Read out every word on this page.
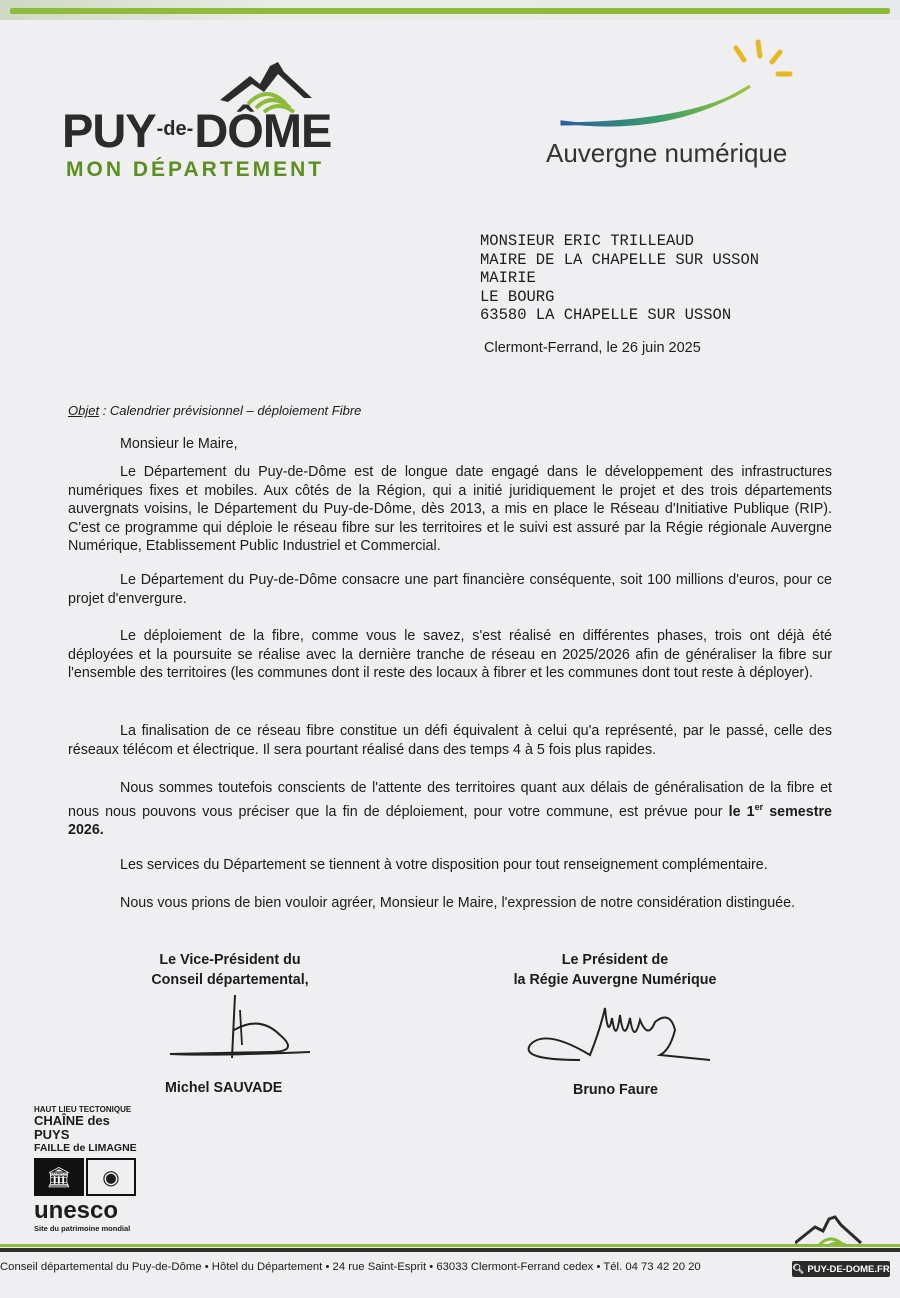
$PUY^{-de-}DÔME$
MON DÉPARTEMENT
Auvergne numérique
MONSIEUR ERIC TRILLEAUD
MAIRE DE LA CHAPELLE SUR USSON
MAIRIE
LE BOURG
63580 LA CHAPELLE SUR USSON
Clermont-Ferrand, le 26 juin 2025
Objet : Calendrier prévisionnel – déploiement Fibre
Monsieur le Maire,
Le Département du Puy-de-Dôme est de longue date engagé dans le développement des infrastructures numériques fixes et mobiles. Aux côtés de la Région, qui a initié juridiquement le projet et des trois départements auvergnats voisins, le Département du Puy-de-Dôme, dès 2013, a mis en place le Réseau d'Initiative Publique (RIP). C'est ce programme qui déploie le réseau fibre sur les territoires et le suivi est assuré par la Régie régionale Auvergne Numérique, Etablissement Public Industriel et Commercial.
Le Département du Puy-de-Dôme consacre une part financière conséquente, soit 100 millions d'euros, pour ce projet d'envergure.
Le déploiement de la fibre, comme vous le savez, s'est réalisé en différentes phases, trois ont déjà été déployées et la poursuite se réalise avec la dernière tranche de réseau en 2025/2026 afin de généraliser la fibre sur l'ensemble des territoires (les communes dont il reste des locaux à fibrer et les communes dont tout reste à déployer).
La finalisation de ce réseau fibre constitue un défi équivalent à celui qu'a représenté, par le passé, celle des réseaux télécom et électrique. Il sera pourtant réalisé dans des temps 4 à 5 fois plus rapides.
Nous sommes toutefois conscients de l'attente des territoires quant aux délais de généralisation de la fibre et nous nous pouvons vous préciser que la fin de déploiement, pour votre commune, est prévue pour le 1er semestre 2026.
Les services du Département se tiennent à votre disposition pour tout renseignement complémentaire.
Nous vous prions de bien vouloir agréer, Monsieur le Maire, l'expression de notre considération distinguée.
Le Vice-Président du
Conseil départemental,
Michel SAUVADE
Le Président de
la Régie Auvergne Numérique
Bruno Faure
HAUT LIEU TECTONIQUE
CHAÎNE des PUYS
FAILLE de LIMAGNE
🏛	◉
unesco
Site du patrimoine mondial
Conseil départemental du Puy-de-Dôme • Hôtel du Département • 24 rue Saint-Esprit • 63033 Clermont-Ferrand cedex • Tél. 04 73 42 20 20	🔍︎ PUY-DE-DOME.FR
